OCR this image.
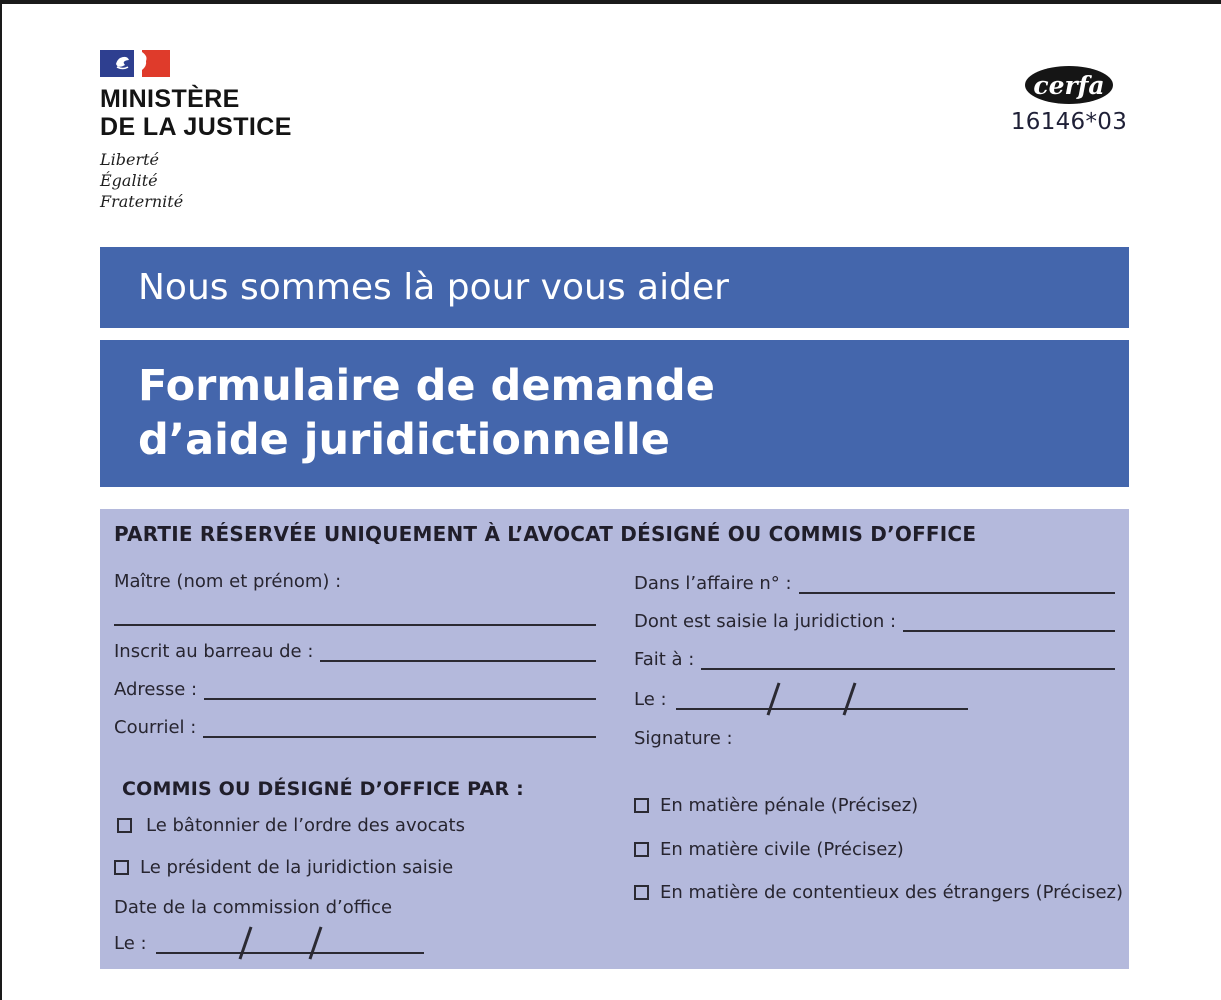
MINISTÈRE
DE LA JUSTICE
Liberté
Égalité
Fraternité
cerfa
16146*03
Nous sommes là pour vous aider
Formulaire de demande
d’aide juridictionnelle
PARTIE RÉSERVÉE UNIQUEMENT À L’AVOCAT DÉSIGNÉ OU COMMIS D’OFFICE
Maître (nom et prénom) :
Inscrit au barreau de :
Adresse :
Courriel :
COMMIS OU DÉSIGNÉ D’OFFICE PAR :
Le bâtonnier de l’ordre des avocats
Le président de la juridiction saisie
Date de la commission d’office
Le :
Dans l’affaire n° :
Dont est saisie la juridiction :
Fait à :
Le :
Signature :
En matière pénale (Précisez)
En matière civile (Précisez)
En matière de contentieux des étrangers (Précisez)
